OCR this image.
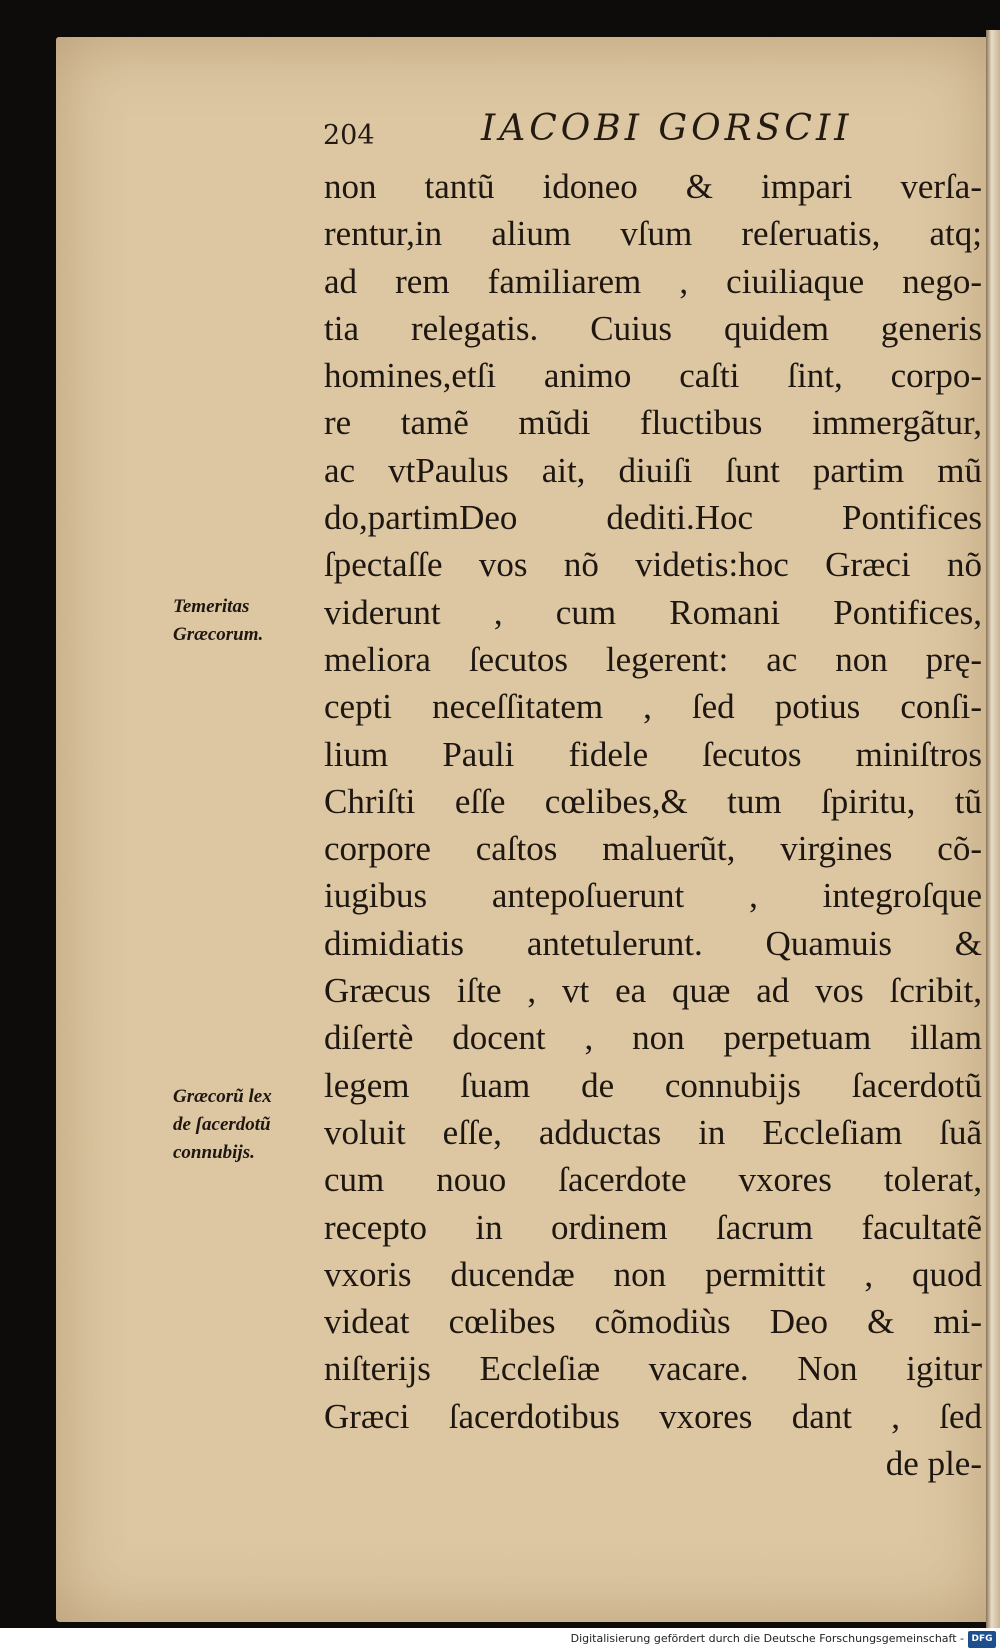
204	IACOBI GORSCII
non tantũ idoneo & impari verſa-
rentur,in alium vſum reſeruatis, atq;
ad rem familiarem , ciuiliaque nego-
tia relegatis. Cuius quidem generis
homines,etſi animo caſti ſint, corpo-
re tamẽ mũdi fluctibus immergãtur,
ac vtPaulus ait, diuiſi ſunt partim mũ
do,partimDeo dediti.Hoc Pontifices
ſpectaſſe vos nõ videtis:hoc Græci nõ
viderunt , cum Romani Pontifices,
meliora ſecutos legerent: ac non prę-
cepti neceſſitatem , ſed potius conſi-
lium Pauli fidele ſecutos miniſtros
Chriſti eſſe cœlibes,& tum ſpiritu, tũ
corpore caſtos maluerũt, virgines cõ-
iugibus antepoſuerunt , integroſque
dimidiatis antetulerunt. Quamuis &
Græcus iſte , vt ea quæ ad vos ſcribit,
diſertè docent , non perpetuam illam
legem ſuam de connubijs ſacerdotũ
voluit eſſe, adductas in Eccleſiam ſuã
cum nouo ſacerdote vxores tolerat,
recepto in ordinem ſacrum facultatẽ
vxoris ducendæ non permittit , quod
videat cœlibes cõmodiùs Deo & mi-
niſterijs Eccleſiæ vacare. Non igitur
Græci ſacerdotibus vxores dant , ſed
de ple-
Temeritas
Græcorum.
Græcorũ lex
de ſacerdotũ
connubijs.
Digitalisierung gefördert durch die Deutsche Forschungsgemeinschaft - DFG
